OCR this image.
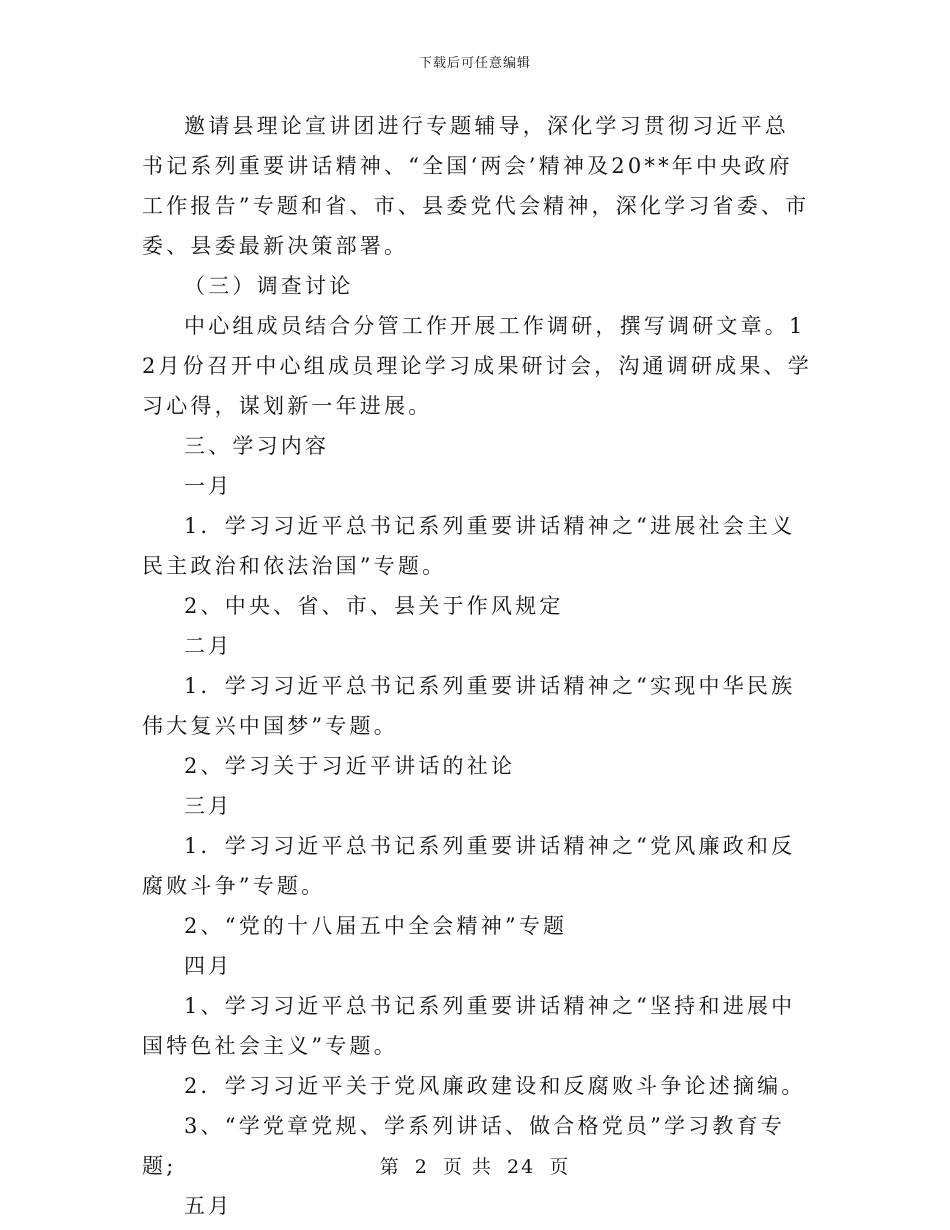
下载后可任意编辑

邀请县理论宣讲团进行专题辅导，深化学习贯彻习近平总书记系列重要讲话精神、“全国‘两会’精神及20**年中央政府工作报告”专题和省、市、县委党代会精神，深化学习省委、市委、县委最新决策部署。

（三）调查讨论

中心组成员结合分管工作开展工作调研，撰写调研文章。12月份召开中心组成员理论学习成果研讨会，沟通调研成果、学习心得，谋划新一年进展。

三、学习内容

一月

1．学习习近平总书记系列重要讲话精神之“进展社会主义民主政治和依法治国”专题。

2、中央、省、市、县关于作风规定

二月

1．学习习近平总书记系列重要讲话精神之“实现中华民族伟大复兴中国梦”专题。

2、学习关于习近平讲话的社论

三月

1．学习习近平总书记系列重要讲话精神之“党风廉政和反腐败斗争”专题。

2、“党的十八届五中全会精神”专题

四月

1、学习习近平总书记系列重要讲话精神之“坚持和进展中国特色社会主义”专题。

2．学习习近平关于党风廉政建设和反腐败斗争论述摘编。

3、“学党章党规、学系列讲话、做合格党员”学习教育专题;

五月

第 2 页 共 24 页
